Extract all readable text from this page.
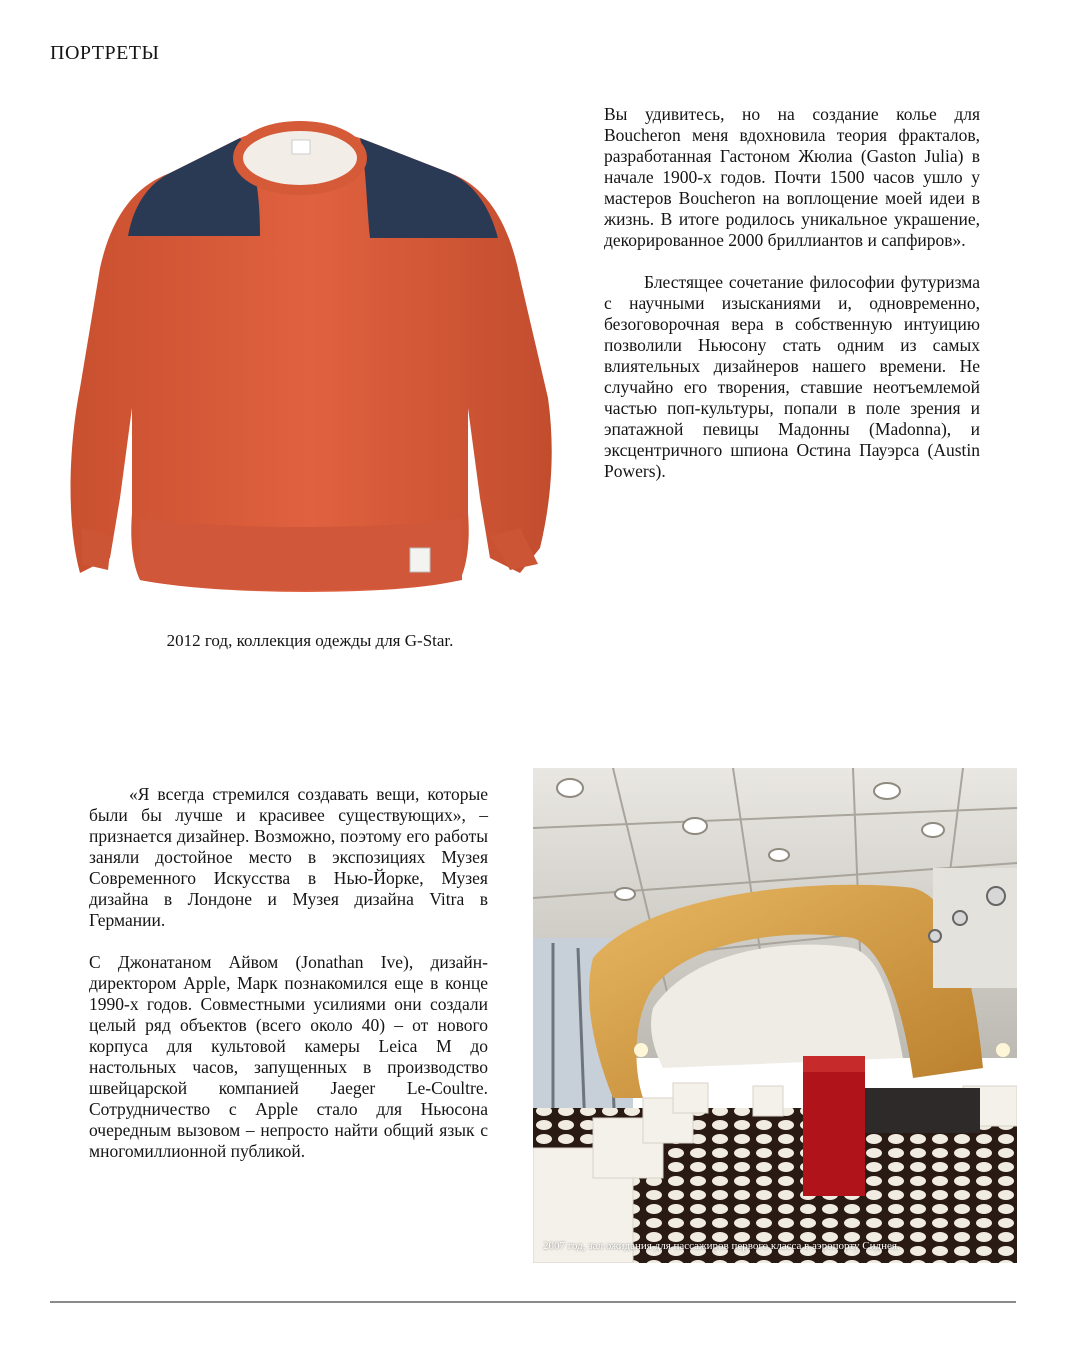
ПОРТРЕТЫ
2012 год, коллекция одежды для G-Star.

Вы удивитесь, но на создание колье для Boucheron меня вдохновила теория фрактaлов, разработанная Гастоном Жюлиа (Gaston Julia) в начале 1900-х годов. Почти 1500 часов ушло у мастеров Boucheron на воплощение моей идеи в жизнь. В итоге родилось уникальное украшение, декорированное 2000 бриллиантов и сапфиров».

Блестящее сочетание философии футуризма с научными изысканиями и, одновременно, безоговорочная вера в собственную интуицию позволили Ньюсону стать одним из самых влиятельных дизайнеров нашего времени. Не случайно его творения, ставшие неотъемлемой частью поп-культуры, попали в поле зрения и эпатажной певицы Мадонны (Madonna), и эксцентричного шпиона Остина Пауэрса (Austin Powers).

«Я всегда стремился создавать вещи, которые были бы лучше и красивее существующих», – признается дизайнер. Возможно, поэтому его работы заняли достойное место в экспозициях Музея Современного Искусства в Нью-Йорке, Музея дизайна в Лондоне и Музея дизайна Vitra в Германии.

С Джонатаном Айвом (Jonathan Ive), дизайн-директором Apple, Марк познакомился еще в конце 1990-х годов. Совместными усилиями они создали целый ряд объектов (всего около 40) – от нового корпуса для культовой камеры Leica M до настольных часов, запущенных в производство швейцарской компанией Jaeger Le-Coultre. Сотрудничество с Apple стало для Ньюсона очередным вызовом – непросто найти общий язык с многомиллионной публикой.

2007 год, зал ожидания для пассажиров первого класса в аэропорту Сиднея.
